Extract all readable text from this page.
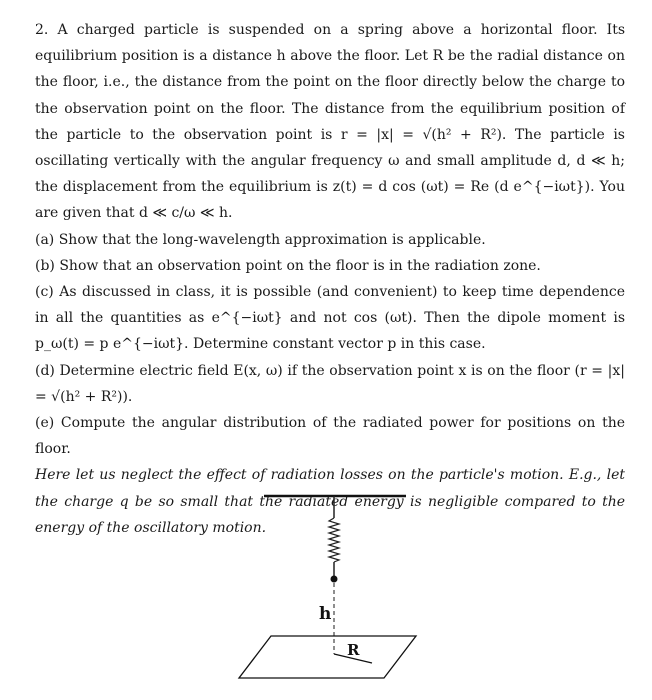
2. A charged particle is suspended on a spring above a horizontal floor. Its equilibrium position is a distance h above the floor. Let R be the radial distance on the floor, i.e., the distance from the point on the floor directly below the charge to the observation point on the floor. The distance from the equilibrium position of the particle to the observation point is r = |x| = √(h² + R²). The particle is oscillating vertically with the angular frequency ω and small amplitude d, d ≪ h; the displacement from the equilibrium is z(t) = d cos (ωt) = Re (d e^{−iωt}). You are given that d ≪ c/ω ≪ h.

(a) Show that the long-wavelength approximation is applicable.

(b) Show that an observation point on the floor is in the radiation zone.

(c) As discussed in class, it is possible (and convenient) to keep time dependence in all the quantities as e^{−iωt} and not cos (ωt). Then the dipole moment is p_ω(t) = p e^{−iωt}. Determine constant vector p in this case.

(d) Determine electric field E(x, ω) if the observation point x is on the floor (r = |x| = √(h² + R²)).

(e) Compute the angular distribution of the radiated power for positions on the floor.

Here let us neglect the effect of radiation losses on the particle's motion. E.g., let the charge q be so small that the radiated energy is negligible compared to the energy of the oscillatory motion.

h
R
